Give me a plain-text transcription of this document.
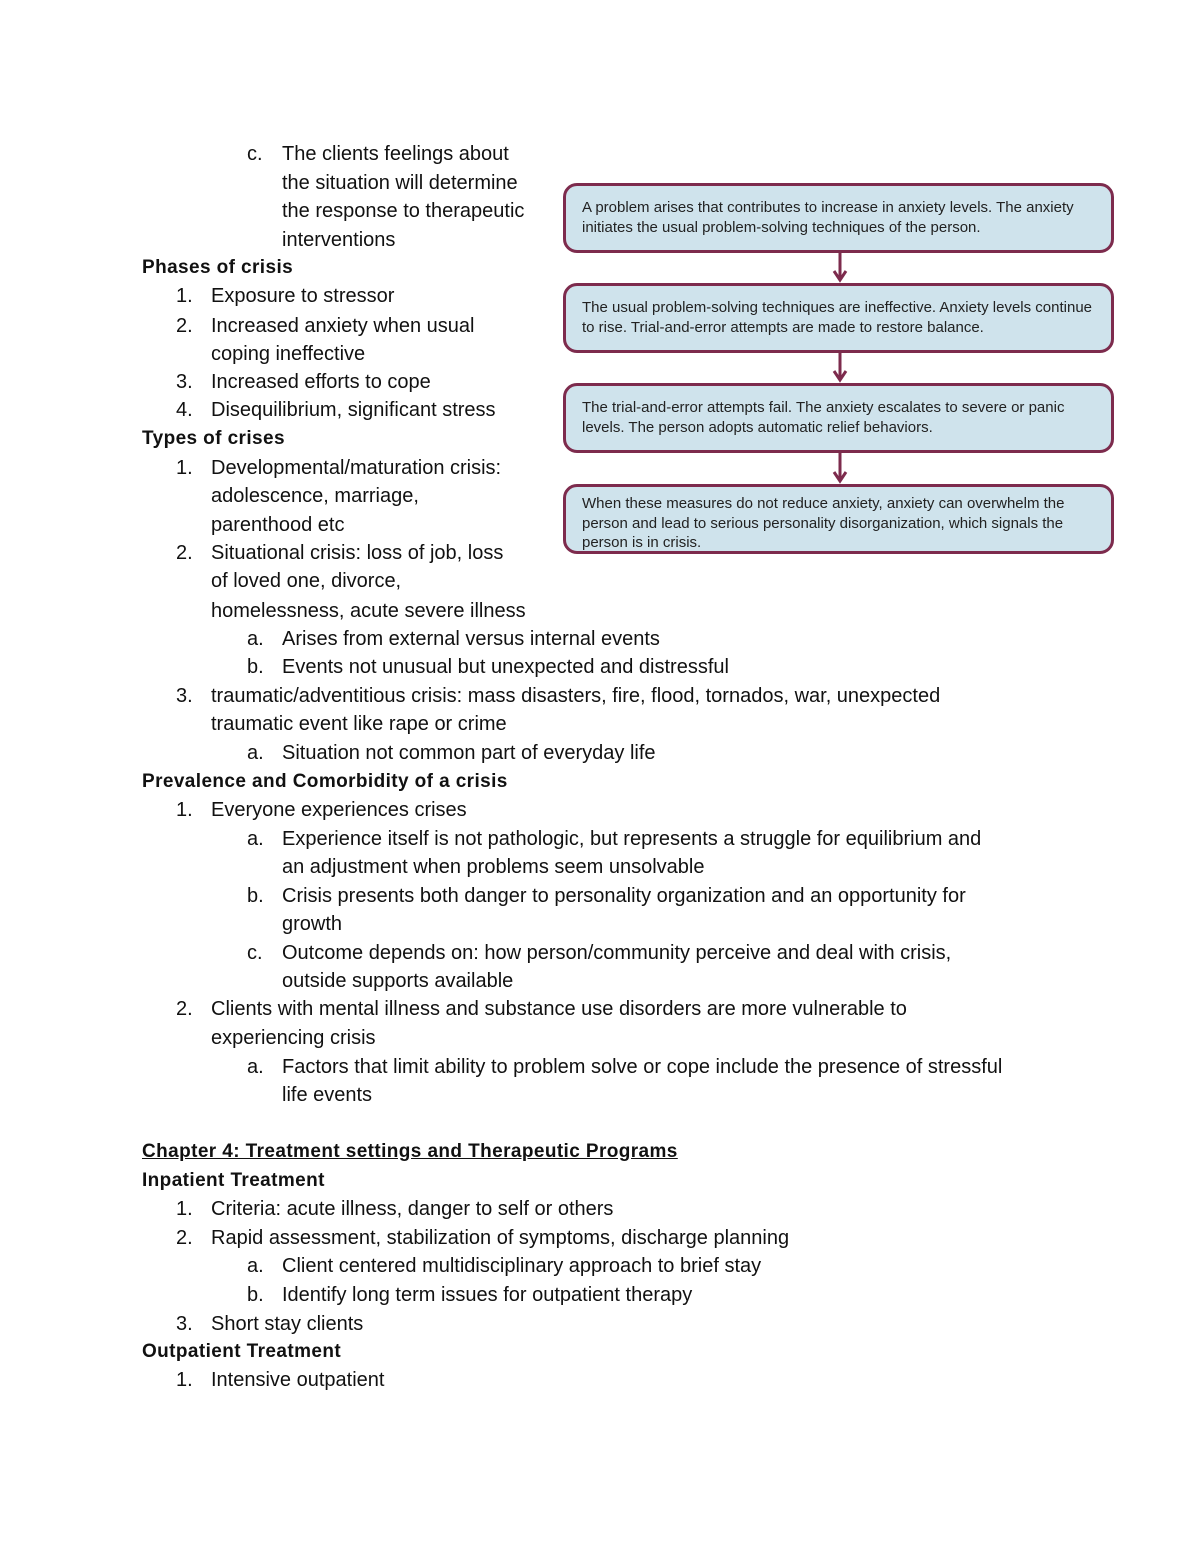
c. The clients feelings about
the situation will determine
the response to therapeutic
interventions
Phases of crisis
1. Exposure to stressor
2. Increased anxiety when usual
coping ineffective
3. Increased efforts to cope
4. Disequilibrium, significant stress
Types of crises
1. Developmental/maturation crisis:
adolescence, marriage,
parenthood etc
2. Situational crisis: loss of job, loss
of loved one, divorce,
homelessness, acute severe illness
a. Arises from external versus internal events
b. Events not unusual but unexpected and distressful
3. traumatic/adventitious crisis: mass disasters, fire, flood, tornados, war, unexpected
traumatic event like rape or crime
a. Situation not common part of everyday life
Prevalence and Comorbidity of a crisis
1. Everyone experiences crises
a. Experience itself is not pathologic, but represents a struggle for equilibrium and
an adjustment when problems seem unsolvable
b. Crisis presents both danger to personality organization and an opportunity for
growth
c. Outcome depends on: how person/community perceive and deal with crisis,
outside supports available
2. Clients with mental illness and substance use disorders are more vulnerable to
experiencing crisis
a. Factors that limit ability to problem solve or cope include the presence of stressful
life events
Chapter 4: Treatment settings and Therapeutic Programs
Inpatient Treatment
1. Criteria: acute illness, danger to self or others
2. Rapid assessment, stabilization of symptoms, discharge planning
a. Client centered multidisciplinary approach to brief stay
b. Identify long term issues for outpatient therapy
3. Short stay clients
Outpatient Treatment
1. Intensive outpatient
A problem arises that contributes to increase in anxiety levels. The anxiety initiates the usual problem-solving techniques of the person.
The usual problem-solving techniques are ineffective. Anxiety levels continue to rise. Trial-and-error attempts are made to restore balance.
The trial-and-error attempts fail. The anxiety escalates to severe or panic levels. The person adopts automatic relief behaviors.
When these measures do not reduce anxiety, anxiety can overwhelm the person and lead to serious personality disorganization, which signals the person is in crisis.
